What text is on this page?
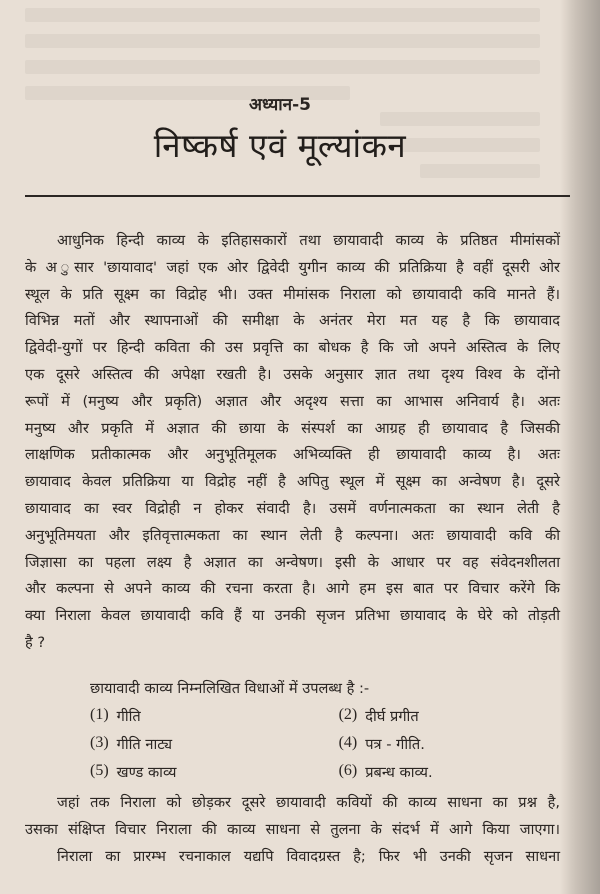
अध्यान-5
निष्कर्ष एवं मूल्यांकन
आधुनिक हिन्दी काव्य के इतिहासकारों तथा छायावादी काव्य के प्रतिष्ठत मीमांसकों
के अ ुसार 'छायावाद' जहां एक ओर द्विवेदी युगीन काव्य की प्रतिक्रिया है वहीं दूसरी ओर
स्थूल के प्रति सूक्ष्म का विद्रोह भी। उक्त मीमांसक निराला को छायावादी कवि मानते हैं।
विभिन्न मतों और स्थापनाओं की समीक्षा के अनंतर मेरा मत यह है कि छायावाद
द्विवेदी-युगों पर हिन्दी कविता की उस प्रवृत्ति का बोधक है कि जो अपने अस्तित्व के लिए
एक दूसरे अस्तित्व की अपेक्षा रखती है। उसके अनुसार ज्ञात तथा दृश्य विश्व के दोंनो
रूपों में (मनुष्य और प्रकृति) अज्ञात और अदृश्य सत्ता का आभास अनिवार्य है। अतः
मनुष्य और प्रकृति में अज्ञात की छाया के संस्पर्श का आग्रह ही छायावाद है जिसकी
लाक्षणिक प्रतीकात्मक और अनुभूतिमूलक अभिव्यक्ति ही छायावादी काव्य है। अतः
छायावाद केवल प्रतिक्रिया या विद्रोह नहीं है अपितु स्थूल में सूक्ष्म का अन्वेषण है। दूसरे
छायावाद का स्वर विद्रोही न होकर संवादी है। उसमें वर्णनात्मकता का स्थान लेती है
अनुभूतिमयता और इतिवृत्तात्मकता का स्थान लेती है कल्पना। अतः छायावादी कवि की
जिज्ञासा का पहला लक्ष्य है अज्ञात का अन्वेषण। इसी के आधार पर वह संवेदनशीलता
और कल्पना से अपने काव्य की रचना करता है। आगे हम इस बात पर विचार करेंगे कि
क्या निराला केवल छायावादी कवि हैं या उनकी सृजन प्रतिभा छायावाद के घेरे को तोड़ती
है ?
छायावादी काव्य निम्नलिखित विधाओं में उपलब्ध है :-
(1) गीति	(2) दीर्घ प्रगीत
(3) गीति नाट्य	(4) पत्र - गीति.
(5) खण्ड काव्य	(6) प्रबन्ध काव्य.
जहां तक निराला को छोड़कर दूसरे छायावादी कवियों की काव्य साधना का प्रश्न है,
उसका संक्षिप्त विचार निराला की काव्य साधना से तुलना के संदर्भ में आगे किया जाएगा।
निराला का प्रारम्भ रचनाकाल यद्यपि विवादग्रस्त है; फिर भी उनकी सृजन साधना
